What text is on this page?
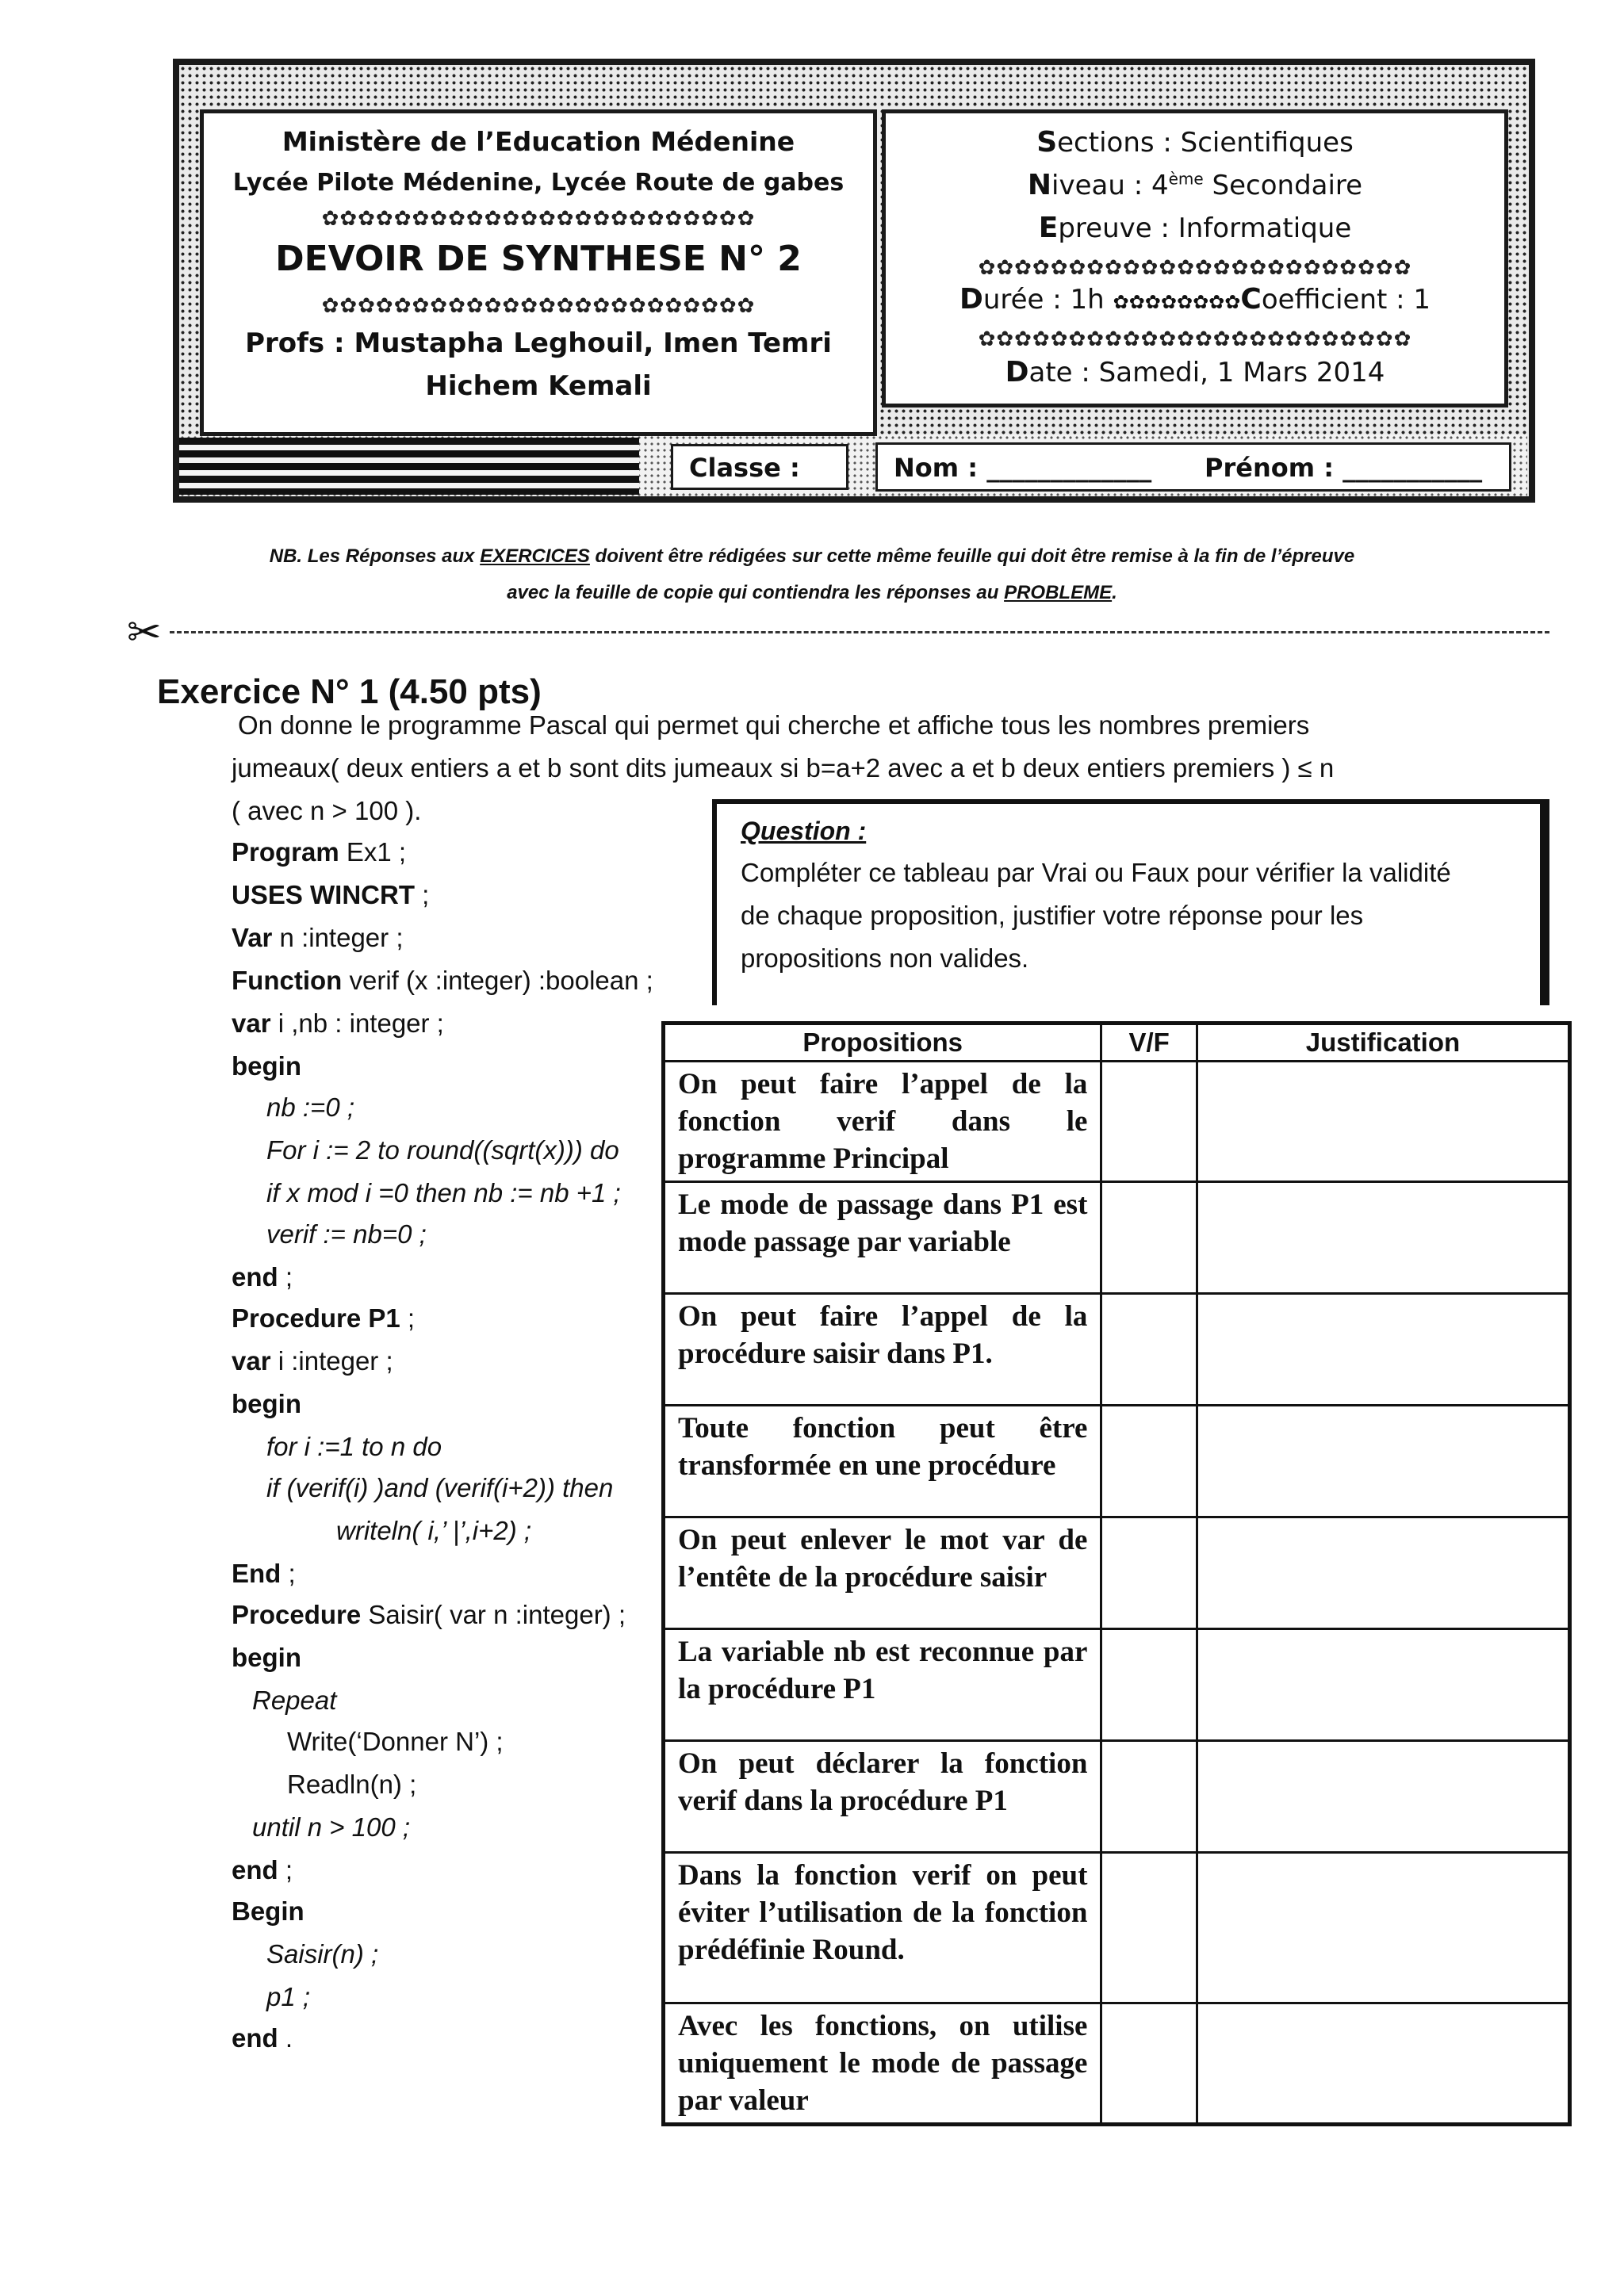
Ministère de l’Education Médenine
Lycée Pilote Médenine, Lycée Route de gabes
✿✿✿✿✿✿✿✿✿✿✿✿✿✿✿✿✿✿✿✿✿✿✿✿
DEVOIR DE SYNTHESE N° 2
✿✿✿✿✿✿✿✿✿✿✿✿✿✿✿✿✿✿✿✿✿✿✿✿
Profs : Mustapha Leghouil, Imen Temri
Hichem Kemali
Sections : Scientifiques
Niveau : 4ème Secondaire
Epreuve : Informatique
✿✿✿✿✿✿✿✿✿✿✿✿✿✿✿✿✿✿✿✿✿✿✿✿
Durée : 1h ✿✿✿✿✿✿✿✿Coefficient : 1
✿✿✿✿✿✿✿✿✿✿✿✿✿✿✿✿✿✿✿✿✿✿✿✿
Date : Samedi, 1 Mars 2014
Classe :	Nom : _____________ Prénom : ___________
NB. Les Réponses aux EXERCICES doivent être rédigées sur cette même feuille qui doit être remise à la fin de l’épreuve
avec la feuille de copie qui contiendra les réponses au PROBLEME.
✂
Exercice N° 1 (4.50 pts)
On donne le programme Pascal qui permet qui cherche et affiche tous les nombres premiers
jumeaux( deux entiers a et b sont dits jumeaux si b=a+2 avec a et b deux entiers premiers ) ≤ n
( avec n > 100 ).
Program Ex1 ;
USES WINCRT ;
Var n :integer ;
Function verif (x :integer) :boolean ;
var i ,nb : integer ;
begin
nb :=0 ;
For i := 2 to round((sqrt(x))) do
if x mod i =0 then nb := nb +1 ;
verif := nb=0 ;
end ;
Procedure P1 ;
var i :integer ;
begin
for i :=1 to n do
if (verif(i) )and (verif(i+2)) then
writeln( i,’ |’,i+2) ;
End ;
Procedure Saisir( var n :integer) ;
begin
Repeat
Write(‘Donner N’) ;
Readln(n) ;
until n > 100 ;
end ;
Begin
Saisir(n) ;
p1 ;
end .
Question :
Compléter ce tableau par Vrai ou Faux pour vérifier la validité
de chaque proposition, justifier votre réponse pour les
propositions non valides.
Propositions	V/F	Justification

On peut faire l’appel de la fonction verif dans le programme Principal		

Le mode de passage dans P1 est mode passage par variable		

On peut faire l’appel de la procédure saisir dans P1.		

Toute fonction peut être transformée en une procédure		

On peut enlever le mot var de l’entête de la procédure saisir		

La variable nb est reconnue par la procédure P1		

On peut déclarer la fonction verif dans la procédure P1		

Dans la fonction verif on peut éviter l’utilisation de la fonction prédéfinie Round.		

Avec les fonctions, on utilise uniquement le mode de passage par valeur		
